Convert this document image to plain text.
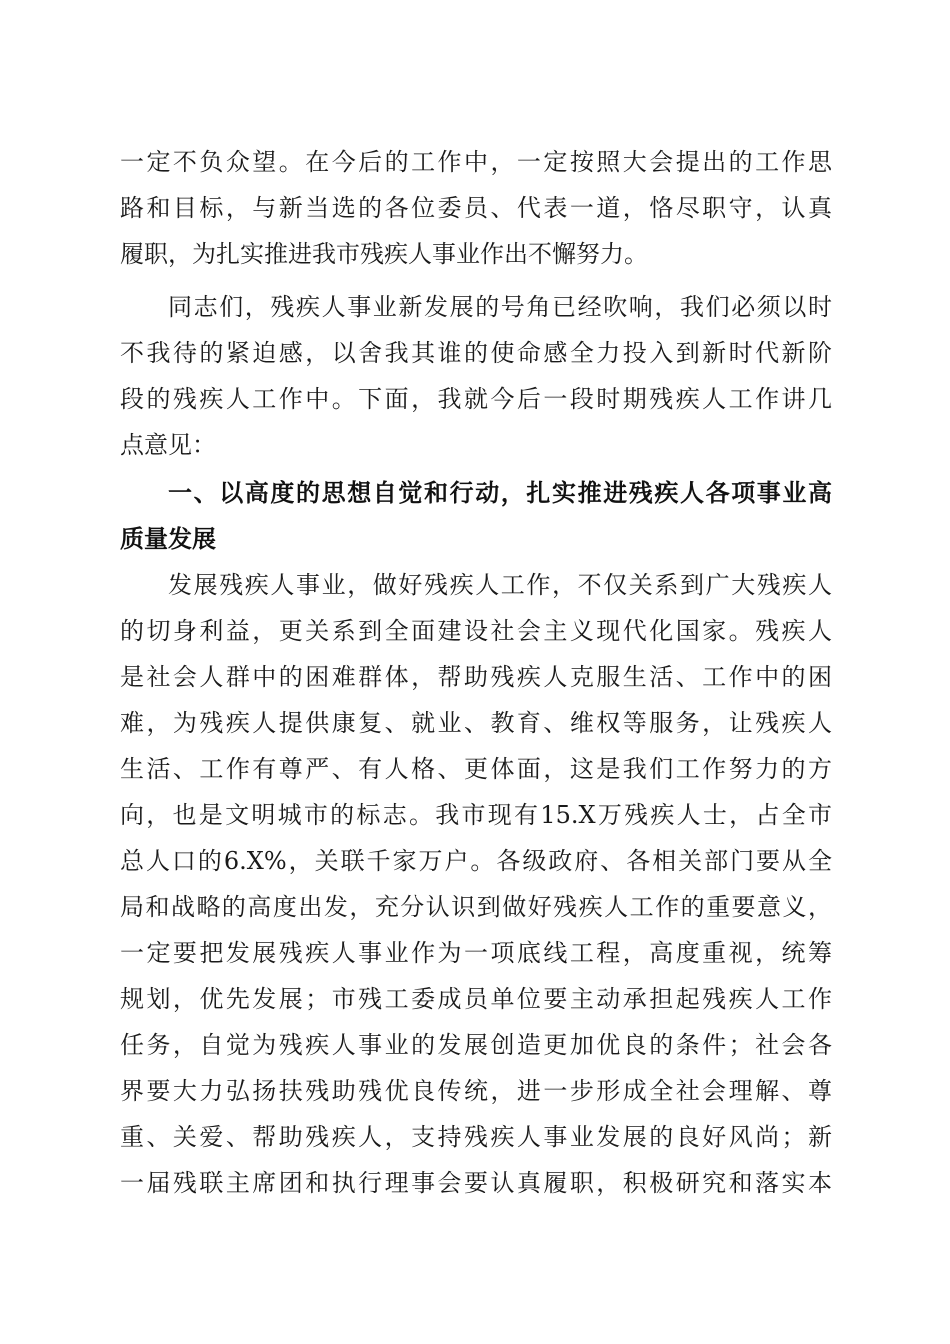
一定不负众望。在今后的工作中，一定按照大会提出的工作思
路和目标，与新当选的各位委员、代表一道，恪尽职守，认真
履职，为扎实推进我市残疾人事业作出不懈努力。
同志们，残疾人事业新发展的号角已经吹响，我们必须以时
不我待的紧迫感，以舍我其谁的使命感全力投入到新时代新阶
段的残疾人工作中。下面，我就今后一段时期残疾人工作讲几
点意见：
一、以高度的思想自觉和行动，扎实推进残疾人各项事业高
质量发展
发展残疾人事业，做好残疾人工作，不仅关系到广大残疾人
的切身利益，更关系到全面建设社会主义现代化国家。残疾人
是社会人群中的困难群体，帮助残疾人克服生活、工作中的困
难，为残疾人提供康复、就业、教育、维权等服务，让残疾人
生活、工作有尊严、有人格、更体面，这是我们工作努力的方
向，也是文明城市的标志。我市现有15.X万残疾人士，占全市
总人口的6.X%，关联千家万户。各级政府、各相关部门要从全
局和战略的高度出发，充分认识到做好残疾人工作的重要意义，
一定要把发展残疾人事业作为一项底线工程，高度重视，统筹
规划，优先发展；市残工委成员单位要主动承担起残疾人工作
任务，自觉为残疾人事业的发展创造更加优良的条件；社会各
界要大力弘扬扶残助残优良传统，进一步形成全社会理解、尊
重、关爱、帮助残疾人，支持残疾人事业发展的良好风尚；新
一届残联主席团和执行理事会要认真履职，积极研究和落实本
